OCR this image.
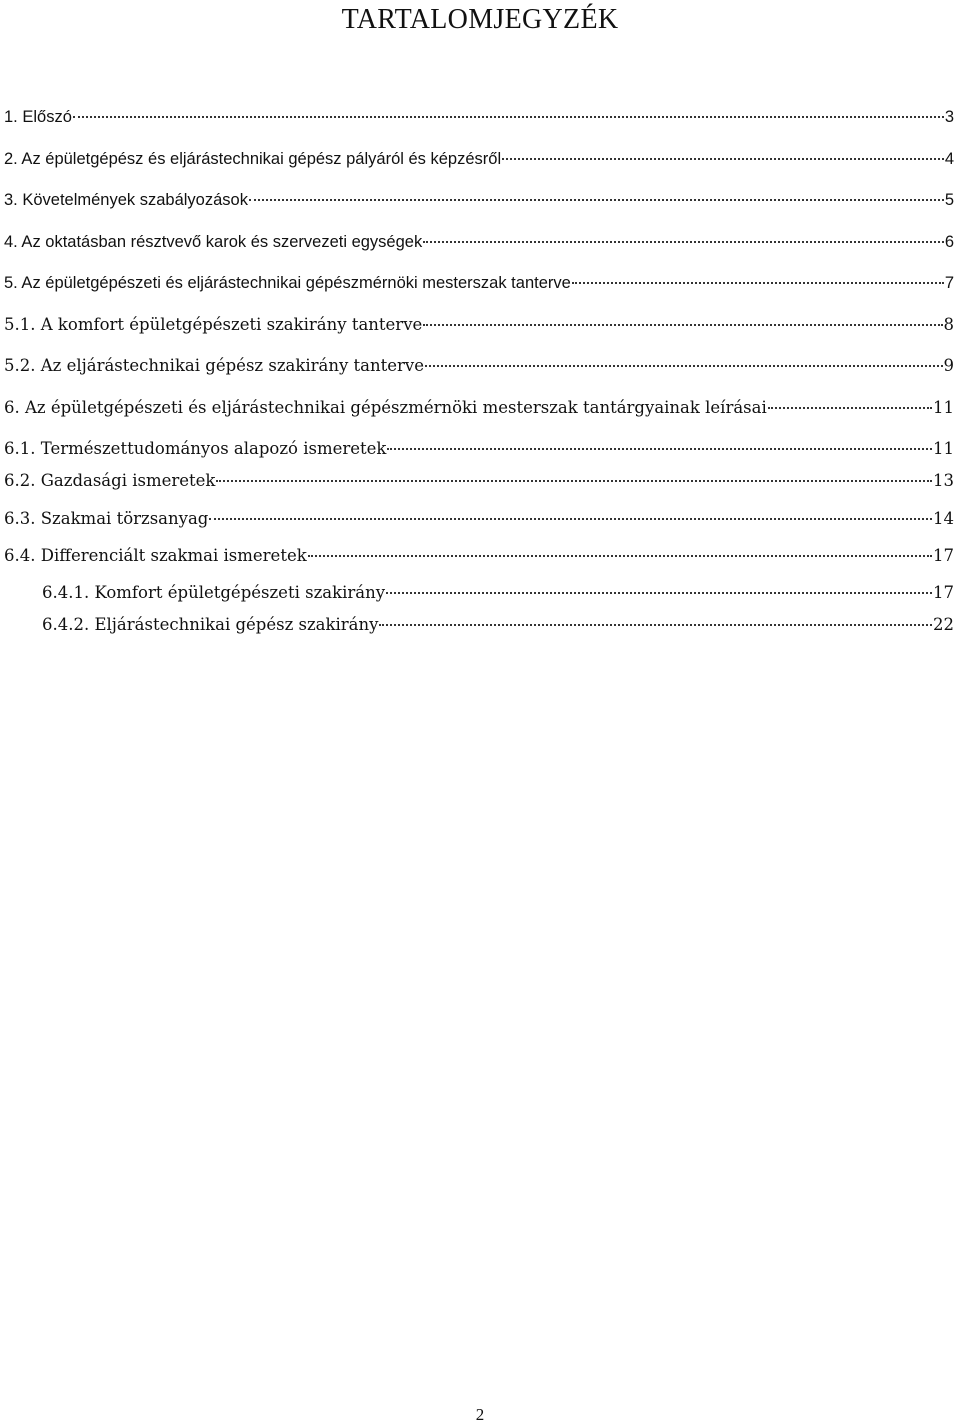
TARTALOMJEGYZÉK
1. Előszó	3
2. Az épületgépész és eljárástechnikai gépész pályáról és képzésről	4
3. Követelmények szabályozások	5
4. Az oktatásban résztvevő karok és szervezeti egységek	6
5. Az épületgépészeti és eljárástechnikai gépészmérnöki mesterszak tanterve	7
5.1. A komfort épületgépészeti szakirány tanterve	8
5.2. Az eljárástechnikai gépész szakirány tanterve	9
6. Az épületgépészeti és eljárástechnikai gépészmérnöki mesterszak tantárgyainak leírásai	11
6.1. Természettudományos alapozó ismeretek	11
6.2. Gazdasági ismeretek	13
6.3. Szakmai törzsanyag	14
6.4. Differenciált szakmai ismeretek	17
6.4.1. Komfort épületgépészeti szakirány	17
6.4.2. Eljárástechnikai gépész szakirány	22
2
